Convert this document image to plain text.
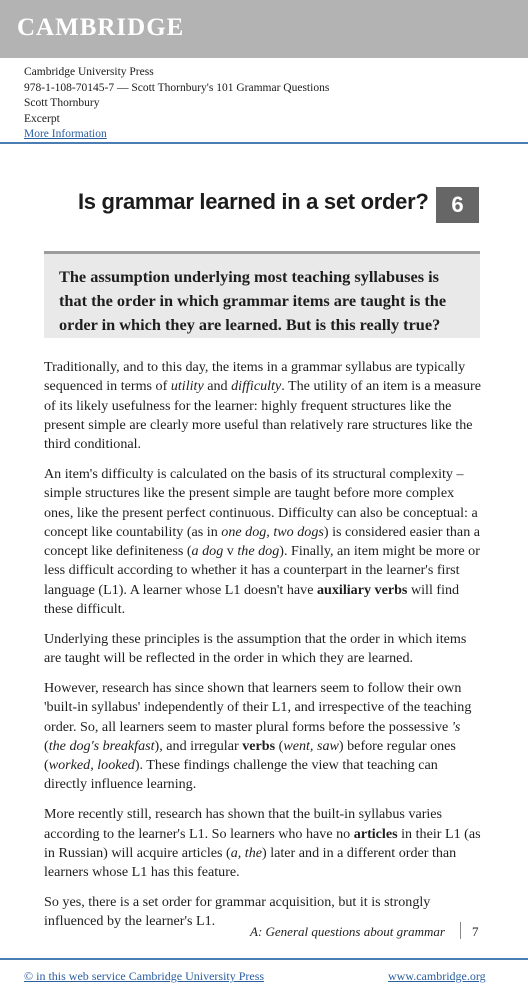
CAMBRIDGE
Cambridge University Press
978-1-108-70145-7 — Scott Thornbury's 101 Grammar Questions
Scott Thornbury
Excerpt
More Information
Is grammar learned in a set order?	6
The assumption underlying most teaching syllabuses is that the order in which grammar items are taught is the order in which they are learned. But is this really true?

Traditionally, and to this day, the items in a grammar syllabus are typically sequenced in terms of utility and difficulty. The utility of an item is a measure of its likely usefulness for the learner: highly frequent structures like the present simple are clearly more useful than relatively rare structures like the third conditional.

An item's difficulty is calculated on the basis of its structural complexity – simple structures like the present simple are taught before more complex ones, like the present perfect continuous. Difficulty can also be conceptual: a concept like countability (as in one dog, two dogs) is considered easier than a concept like definiteness (a dog v the dog). Finally, an item might be more or less difficult according to whether it has a counterpart in the learner's first language (L1). A learner whose L1 doesn't have auxiliary verbs will find these difficult.

Underlying these principles is the assumption that the order in which items are taught will be reflected in the order in which they are learned.

However, research has since shown that learners seem to follow their own 'built-in syllabus' independently of their L1, and irrespective of the teaching order. So, all learners seem to master plural forms before the possessive 's (the dog's breakfast), and irregular verbs (went, saw) before regular ones (worked, looked). These findings challenge the view that teaching can directly influence learning.

More recently still, research has shown that the built-in syllabus varies according to the learner's L1. So learners who have no articles in their L1 (as in Russian) will acquire articles (a, the) later and in a different order than learners whose L1 has this feature.

So yes, there is a set order for grammar acquisition, but it is strongly influenced by the learner's L1.

A: General questions about grammar 7
© in this web service Cambridge University Press	www.cambridge.org
